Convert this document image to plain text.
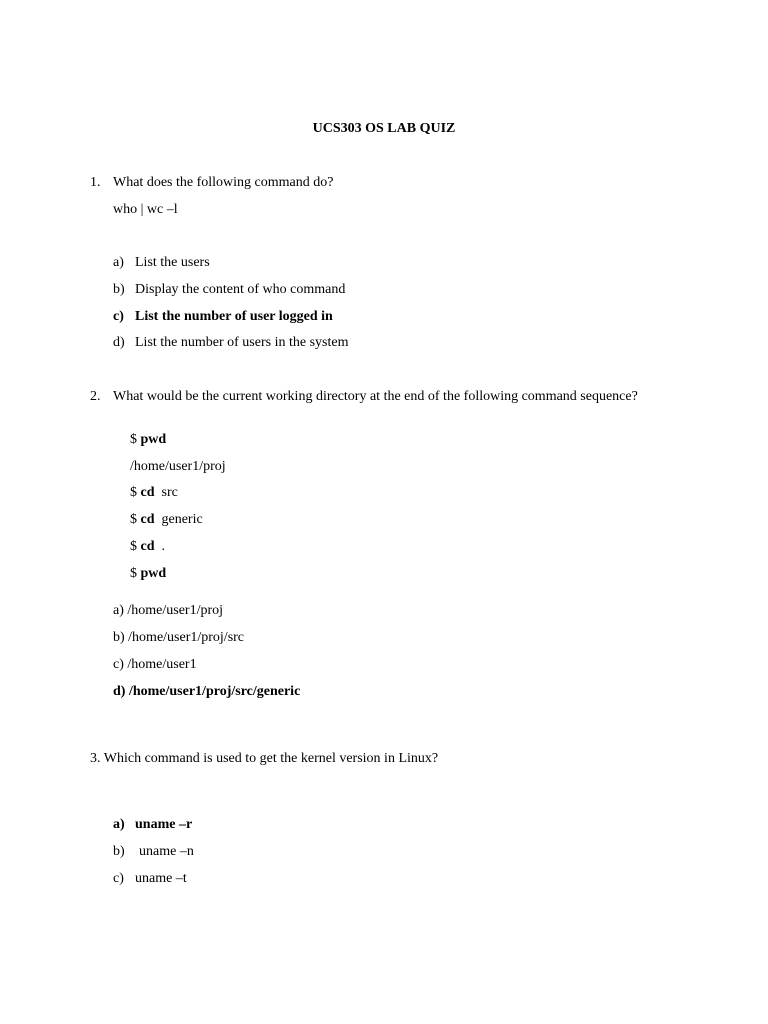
UCS303 OS LAB QUIZ
1. What does the following command do?
who | wc –l
a) List the users
b) Display the content of who command
c) List the number of user logged in
d) List the number of users in the system
2. What would be the current working directory at the end of the following command sequence?

$ pwd

/home/user1/proj

$ cd src

$ cd generic

$ cd .

$ pwd

a) /home/user1/proj
b) /home/user1/proj/src
c) /home/user1
d) /home/user1/proj/src/generic
3. Which command is used to get the kernel version in Linux?
a) uname –r
b) uname –n
c) uname –t
